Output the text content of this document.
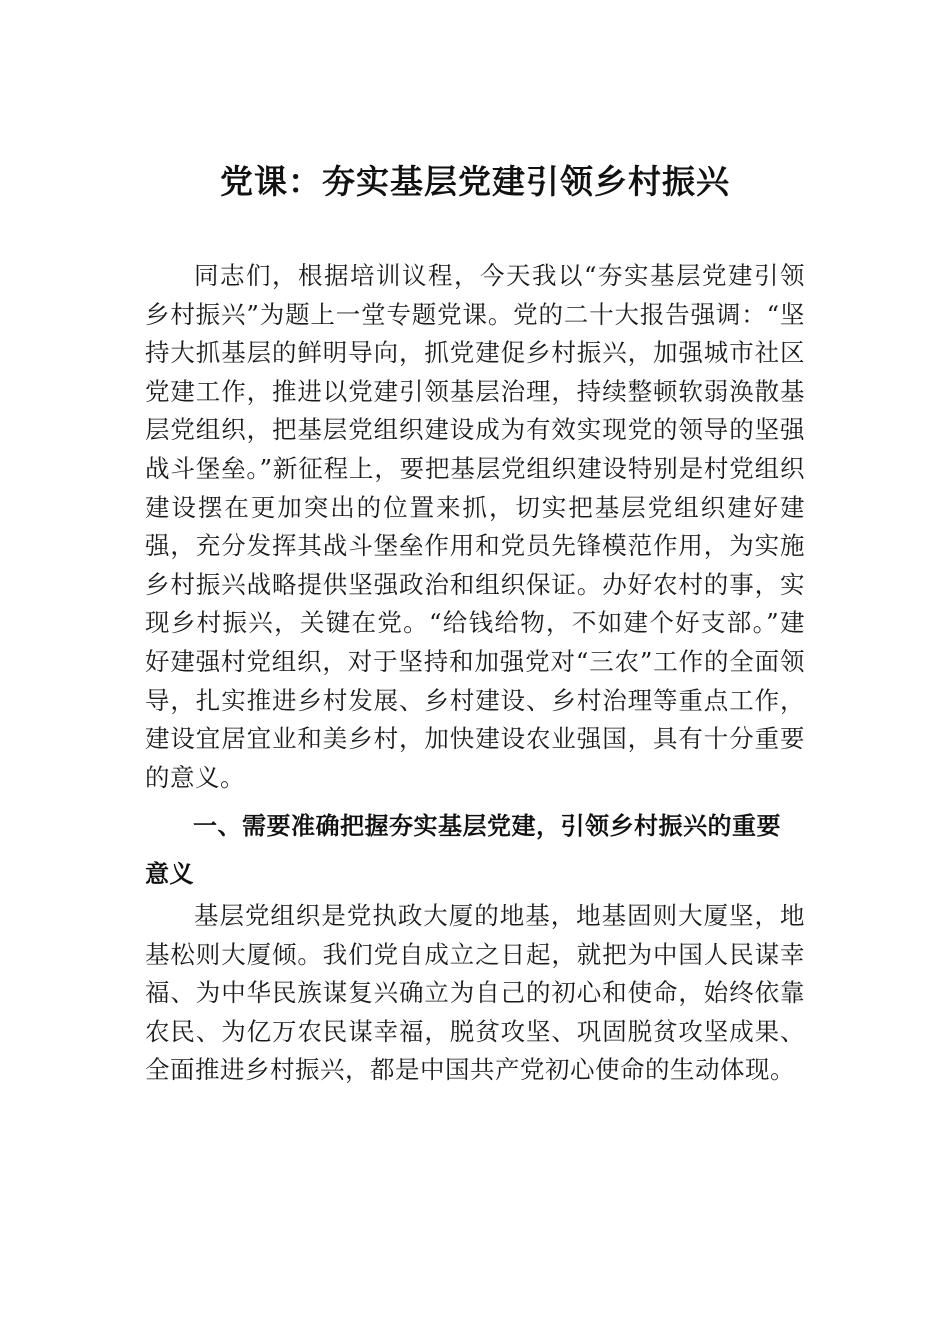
党课：夯实基层党建引领乡村振兴

同志们，根据培训议程，今天我以“夯实基层党建引领乡村振兴”为题上一堂专题党课。党的二十大报告强调：“坚持大抓基层的鲜明导向，抓党建促乡村振兴，加强城市社区党建工作，推进以党建引领基层治理，持续整顿软弱涣散基层党组织，把基层党组织建设成为有效实现党的领导的坚强战斗堡垒。”新征程上，要把基层党组织建设特别是村党组织建设摆在更加突出的位置来抓，切实把基层党组织建好建强，充分发挥其战斗堡垒作用和党员先锋模范作用，为实施乡村振兴战略提供坚强政治和组织保证。办好农村的事，实现乡村振兴，关键在党。“给钱给物，不如建个好支部。”建好建强村党组织，对于坚持和加强党对“三农”工作的全面领导，扎实推进乡村发展、乡村建设、乡村治理等重点工作，建设宜居宜业和美乡村，加快建设农业强国，具有十分重要的意义。

一、需要准确把握夯实基层党建，引领乡村振兴的重要意义

基层党组织是党执政大厦的地基，地基固则大厦坚，地基松则大厦倾。我们党自成立之日起，就把为中国人民谋幸福、为中华民族谋复兴确立为自己的初心和使命，始终依靠农民、为亿万农民谋幸福，脱贫攻坚、巩固脱贫攻坚成果、全面推进乡村振兴，都是中国共产党初心使命的生动体现。
